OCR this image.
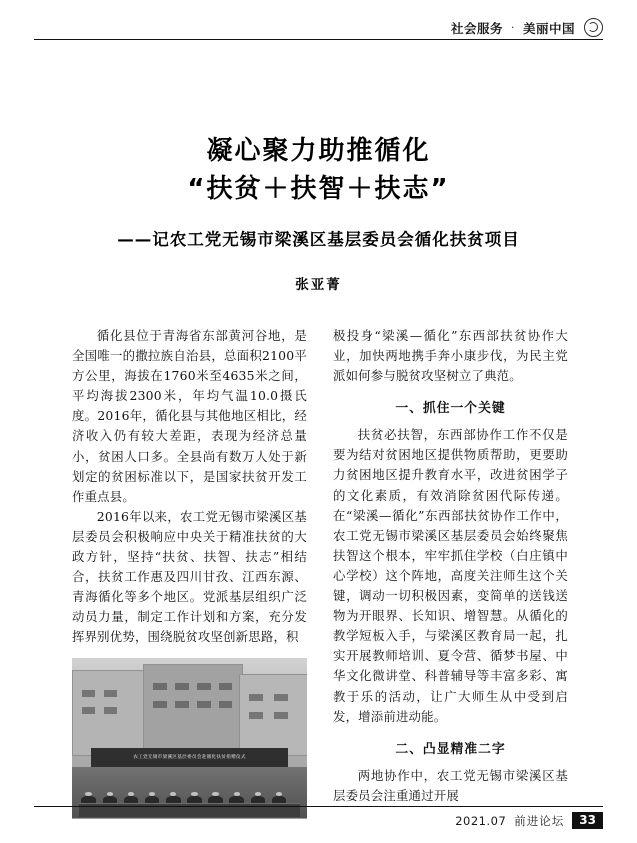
社会服务 · 美丽中国
凝心聚力助推循化
“扶贫＋扶智＋扶志”
——记农工党无锡市梁溪区基层委员会循化扶贫项目
张亚菁

循化县位于青海省东部黄河谷地，是全国唯一的撒拉族自治县，总面积2100平方公里，海拔在1760米至4635米之间，平均海拔2300米，年均气温10.0摄氏度。2016年，循化县与其他地区相比，经济收入仍有较大差距，表现为经济总量小，贫困人口多。全县尚有数万人处于新划定的贫困标准以下，是国家扶贫开发工作重点县。

2016年以来，农工党无锡市梁溪区基层委员会积极响应中央关于精准扶贫的大政方针，坚持“扶贫、扶智、扶志”相结合，扶贫工作惠及四川甘孜、江西东源、青海循化等多个地区。党派基层组织广泛动员力量，制定工作计划和方案，充分发挥界别优势，围绕脱贫攻坚创新思路，积

农工党无锡市梁溪区基层委员会赴循化扶贫捐赠仪式

极投身“梁溪—循化”东西部扶贫协作大业，加快两地携手奔小康步伐，为民主党派如何参与脱贫攻坚树立了典范。

一、抓住一个关键

扶贫必扶智，东西部协作工作不仅是要为结对贫困地区提供物质帮助，更要助力贫困地区提升教育水平，改进贫困学子的文化素质，有效消除贫困代际传递。在“梁溪—循化”东西部扶贫协作工作中，农工党无锡市梁溪区基层委员会始终聚焦扶智这个根本，牢牢抓住学校（白庄镇中心学校）这个阵地，高度关注师生这个关键，调动一切积极因素，变简单的送钱送物为开眼界、长知识、增智慧。从循化的教学短板入手，与梁溪区教育局一起，扎实开展教师培训、夏令营、循梦书屋、中华文化微讲堂、科普辅导等丰富多彩、寓教于乐的活动，让广大师生从中受到启发，增添前进动能。

二、凸显精准二字

两地协作中，农工党无锡市梁溪区基层委员会注重通过开展

2021.07 前进论坛	33
